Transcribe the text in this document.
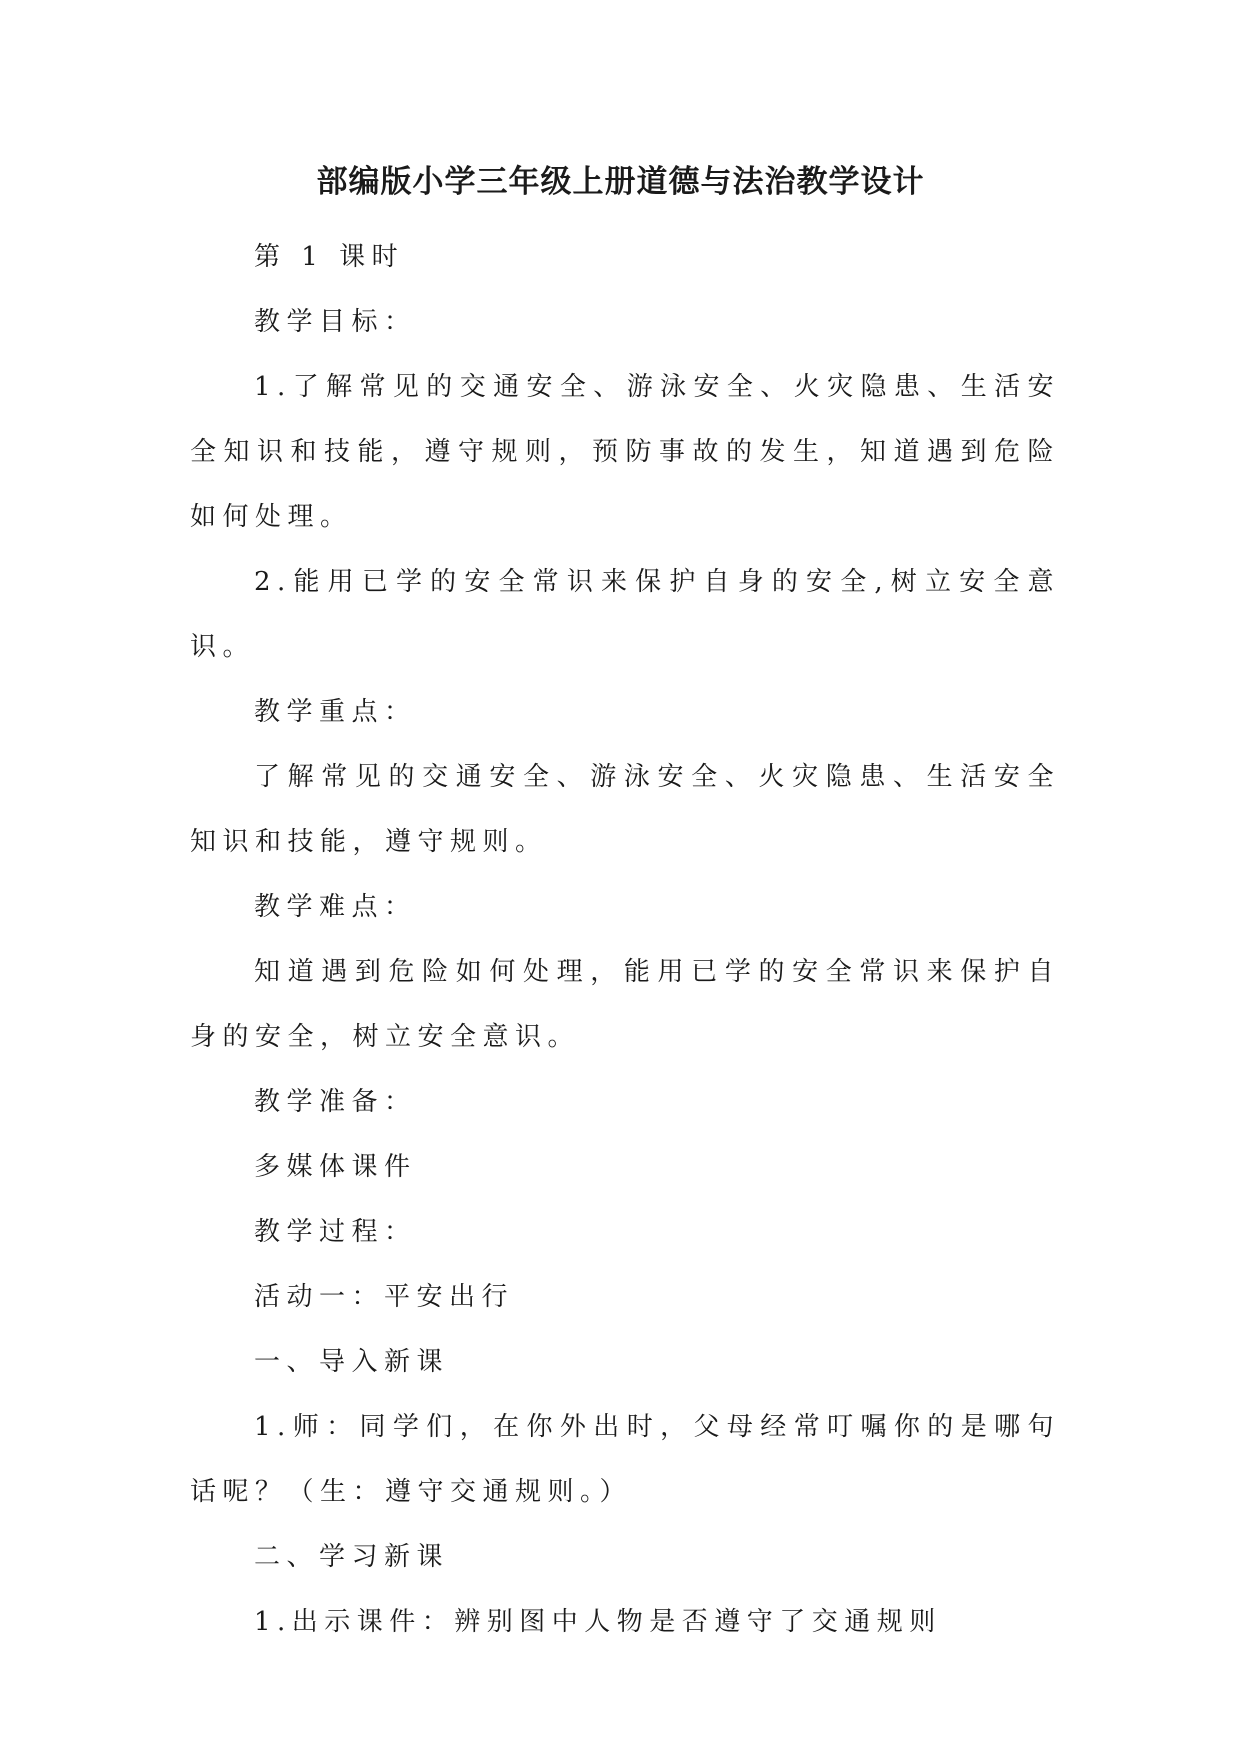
部编版小学三年级上册道德与法治教学设计

第 1 课时

教学目标：

1.了解常见的交通安全、游泳安全、火灾隐患、生活安全知识和技能，遵守规则，预防事故的发生，知道遇到危险如何处理。

2.能用已学的安全常识来保护自身的安全,树立安全意识。

教学重点：

了解常见的交通安全、游泳安全、火灾隐患、生活安全知识和技能，遵守规则。

教学难点：

知道遇到危险如何处理，能用已学的安全常识来保护自身的安全，树立安全意识。

教学准备：

多媒体课件

教学过程：

活动一：平安出行

一、导入新课

1.师：同学们，在你外出时，父母经常叮嘱你的是哪句话呢？（生：遵守交通规则。）

二、学习新课

1.出示课件：辨别图中人物是否遵守了交通规则
